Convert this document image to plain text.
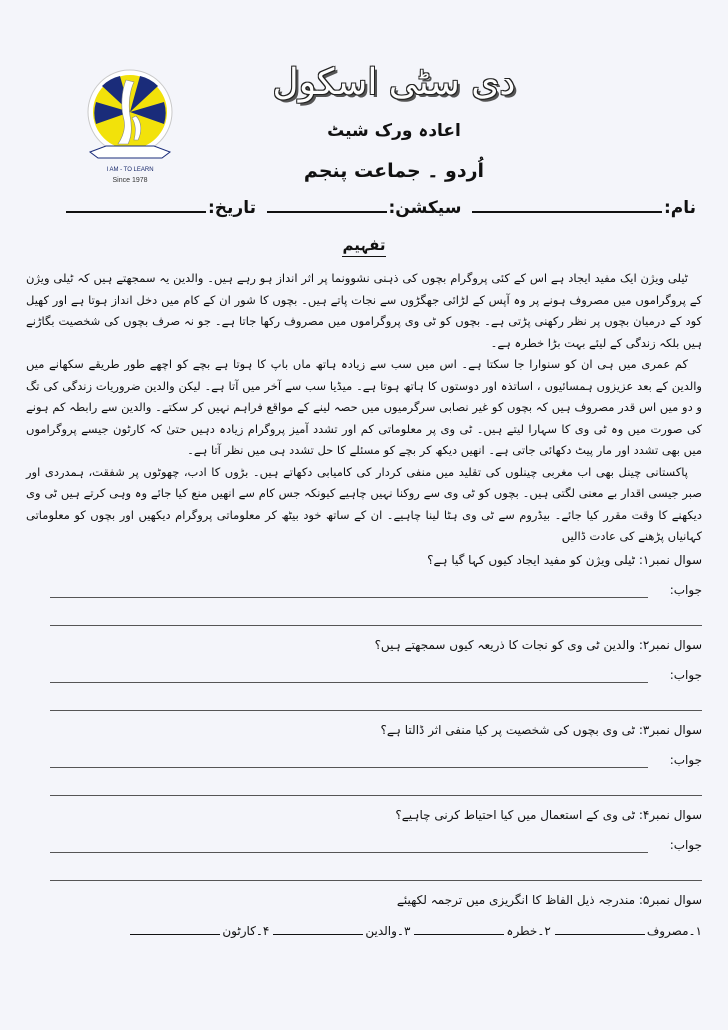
I AM - TO LEARN
Since 1978
دی سٹی اسکول
اعادہ ورک شیٹ
اُردو ۔ جماعت پنجم
نام:
سیکشن:
تاریخ:
تفہیم

ٹیلی ویژن ایک مفید ایجاد ہے اس کے کئی پروگرام بچوں کی ذہنی نشوونما پر اثر انداز ہو رہے ہیں۔ والدین یہ سمجھتے ہیں کہ ٹیلی ویژن کے پروگراموں میں مصروف ہونے پر وہ آپس کے لڑائی جھگڑوں سے نجات پاتے ہیں۔ بچوں کا شور ان کے کام میں دخل انداز ہوتا ہے اور کھیل کود کے درمیان بچوں پر نظر رکھنی پڑتی ہے۔ بچوں کو ٹی وی پروگراموں میں مصروف رکھا جاتا ہے۔ جو نہ صرف بچوں کی شخصیت بگاڑنے ہیں بلکہ زندگی کے لیئے بہت بڑا خطرہ ہے۔

کم عمری میں ہی ان کو سنوارا جا سکتا ہے۔ اس میں سب سے زیادہ ہاتھ ماں باپ کا ہوتا ہے بچے کو اچھے طور طریقے سکھانے میں والدین کے بعد عزیزوں ہمسائیوں ، اساتذہ اور دوستوں کا ہاتھ ہوتا ہے۔ میڈیا سب سے آخر میں آتا ہے۔ لیکن والدین ضروریات زندگی کی تگ و دو میں اس قدر مصروف ہیں کہ بچوں کو غیر نصابی سرگرمیوں میں حصہ لینے کے مواقع فراہم نہیں کر سکتے۔ والدین سے رابطہ کم ہونے کی صورت میں وہ ٹی وی کا سہارا لیتے ہیں۔ ٹی وی پر معلوماتی کم اور تشدد آمیز پروگرام زیادہ دہیں حتیٰ کہ کارٹون جیسے پروگراموں میں بھی تشدد اور مار پیٹ دکھائی جاتی ہے۔ انھیں دیکھ کر بچے کو مسئلے کا حل تشدد ہی میں نظر آتا ہے۔

پاکستانی چینل بھی اب مغربی چینلوں کی تقلید میں منفی کردار کی کامیابی دکھاتے ہیں۔ بڑوں کا ادب، چھوٹوں پر شفقت، ہمدردی اور صبر جیسی اقدار بے معنی لگتی ہیں۔ بچوں کو ٹی وی سے روکنا نہیں چاہیے کیونکہ جس کام سے انھیں منع کیا جائے وہ وہی کرتے ہیں ٹی وی دیکھنے کا وقت مقرر کیا جائے۔ بیڈروم سے ٹی وی ہٹا لینا چاہیے۔ ان کے ساتھ خود بیٹھ کر معلوماتی پروگرام دیکھیں اور بچوں کو معلوماتی کہانیاں پڑھنے کی عادت ڈالیں

سوال نمبر۱: ٹیلی ویژن کو مفید ایجاد کیوں کہا گیا ہے؟
جواب:
سوال نمبر۲: والدین ٹی وی کو نجات کا ذریعہ کیوں سمجھتے ہیں؟
جواب:
سوال نمبر۳: ٹی وی بچوں کی شخصیت پر کیا منفی اثر ڈالتا ہے؟
جواب:
سوال نمبر۴: ٹی وی کے استعمال میں کیا احتیاط کرنی چاہیے؟
جواب:
سوال نمبر۵: مندرجہ ذیل الفاظ کا انگریزی میں ترجمہ لکھیئے
۱۔مصروف
۲۔خطرہ
۳۔والدین
۴۔کارٹون
